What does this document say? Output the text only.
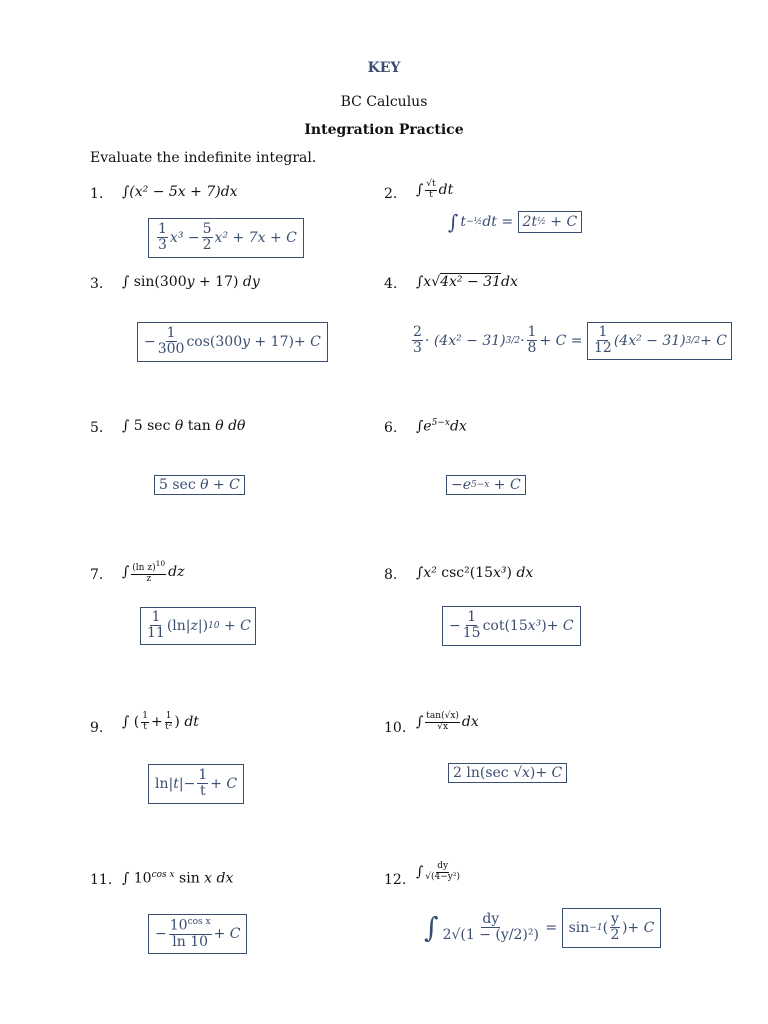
KEY
BC Calculus
Integration Practice
Evaluate the indefinite integral.
1. ∫(x² − 5x + 7)dx
$\frac{1}{3} x^3 - \frac{5}{2} x^2 + 7x + C$
2. ∫ $\frac{√t}{t}$ dt
∫ t −½ dt = 2t ½ + C
3. ∫ sin(300y + 17) dy
− $\frac{1}{300} \cos(300$ y + 17) + C
4. ∫x√4x² − 31dx
$\frac{2}{3} \cdot (4x^2 - 31) 3/2 \cdot \frac{1}{8} + C = \frac{1}{12} (4x^2 - 31) 3/2 + C$
5. ∫ 5 sec θ tan θ dθ
5 sec θ + C
6. $\int e^{5-x}dx$
−e 5−x + C
7. ∫ $\frac{(\ln z)^{10}}{z}$ dz
$\frac{1}{11} (\ln|$ z |) 10 + C
8. ∫x² csc²(15x³) dx
− $\frac{1}{15} \cot(15$ x³ ) + C
9. ∫ ( $\frac{1}{t} + \frac{1}{\text{t²}}$ ) dt
ln| t | − $\frac{1}{t} + C$
10. ∫ $\frac{\tan(√x)}{√x}$ dx
2 ln(sec √ x ) + C
11. ∫ $10^{cos x}$ sin x dx
− $\frac{10^{cos x}}{\ln 10} + C$
12. ∫ $\frac{dy}{\text{√(4−y²)}}$
∫ $\frac{dy}{\text{2√(1 − (y/2)²)}} = \sin -1$ ( $\frac{y}{2}$ ) + C
